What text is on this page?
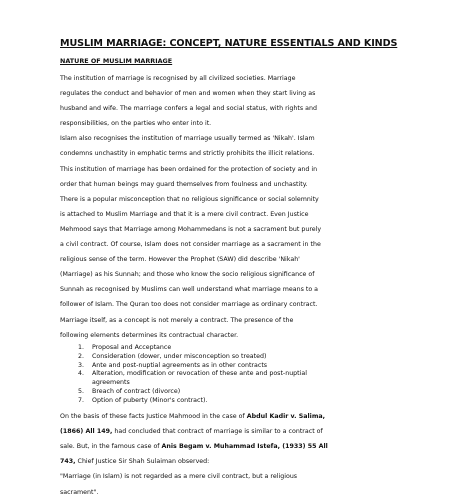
MUSLIM MARRIAGE: CONCEPT, NATURE ESSENTIALS AND KINDS
NATURE OF MUSLIM MARRIAGE
The institution of marriage is recognised by all civilized societies. Marriage
regulates the conduct and behavior of men and women when they start living as
husband and wife. The marriage confers a legal and social status, with rights and
responsibilities, on the parties who enter into it.
Islam also recognises the institution of marriage usually termed as 'Nikah'. Islam
condemns unchastity in emphatic terms and strictly prohibits the illicit relations.
This institution of marriage has been ordained for the protection of society and in
order that human beings may guard themselves from foulness and unchastity.
There is a popular misconception that no religious significance or social solemnity
is attached to Muslim Marriage and that it is a mere civil contract. Even Justice
Mehmood says that Marriage among Mohammedans is not a sacrament but purely
a civil contract. Of course, Islam does not consider marriage as a sacrament in the
religious sense of the term. However the Prophet (SAW) did describe 'Nikah'
(Marriage) as his Sunnah; and those who know the socio religious significance of
Sunnah as recognised by Muslims can well understand what marriage means to a
follower of Islam. The Quran too does not consider marriage as ordinary contract.
Marriage itself, as a concept is not merely a contract. The presence of the
following elements determines its contractual character.
1.	Proposal and Acceptance
2.	Consideration (dower, under misconception so treated)
3.	Ante and post-nuptial agreements as in other contracts
4.	Alteration, modification or revocation of these ante and post-nuptial
agreements
5.	Breach of contract (divorce)
7.	Option of puberty (Minor's contract).
On the basis of these facts Justice Mahmood in the case of Abdul Kadir v. Salima,
(1866) All 149, had concluded that contract of marriage is similar to a contract of
sale. But, in the famous case of Anis Begam v. Muhammad Istefa, (1933) 55 All
743, Chief Justice Sir Shah Sulaiman observed:
"Marriage (in Islam) is not regarded as a mere civil contract, but a religious
sacrament".
